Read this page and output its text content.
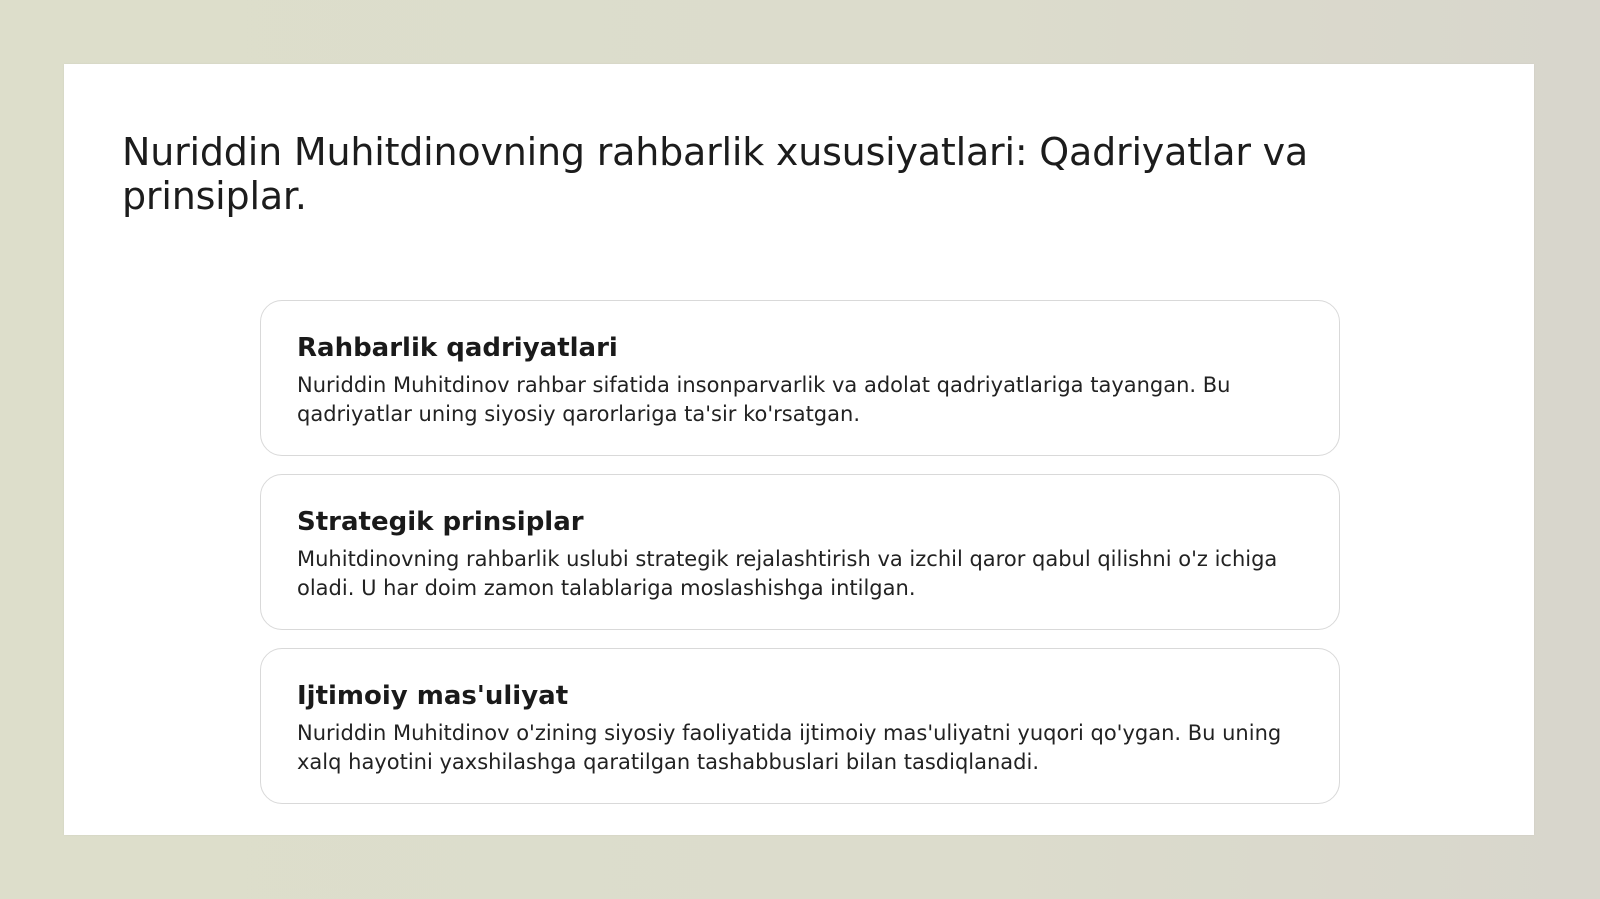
Nuriddin Muhitdinovning rahbarlik xususiyatlari: Qadriyatlar va prinsiplar.
Rahbarlik qadriyatlari

Nuriddin Muhitdinov rahbar sifatida insonparvarlik va adolat qadriyatlariga tayangan. Bu qadriyatlar uning siyosiy qarorlariga ta'sir ko'rsatgan.

Strategik prinsiplar

Muhitdinovning rahbarlik uslubi strategik rejalashtirish va izchil qaror qabul qilishni o'z ichiga oladi. U har doim zamon talablariga moslashishga intilgan.

Ijtimoiy mas'uliyat

Nuriddin Muhitdinov o'zining siyosiy faoliyatida ijtimoiy mas'uliyatni yuqori qo'ygan. Bu uning xalq hayotini yaxshilashga qaratilgan tashabbuslari bilan tasdiqlanadi.
